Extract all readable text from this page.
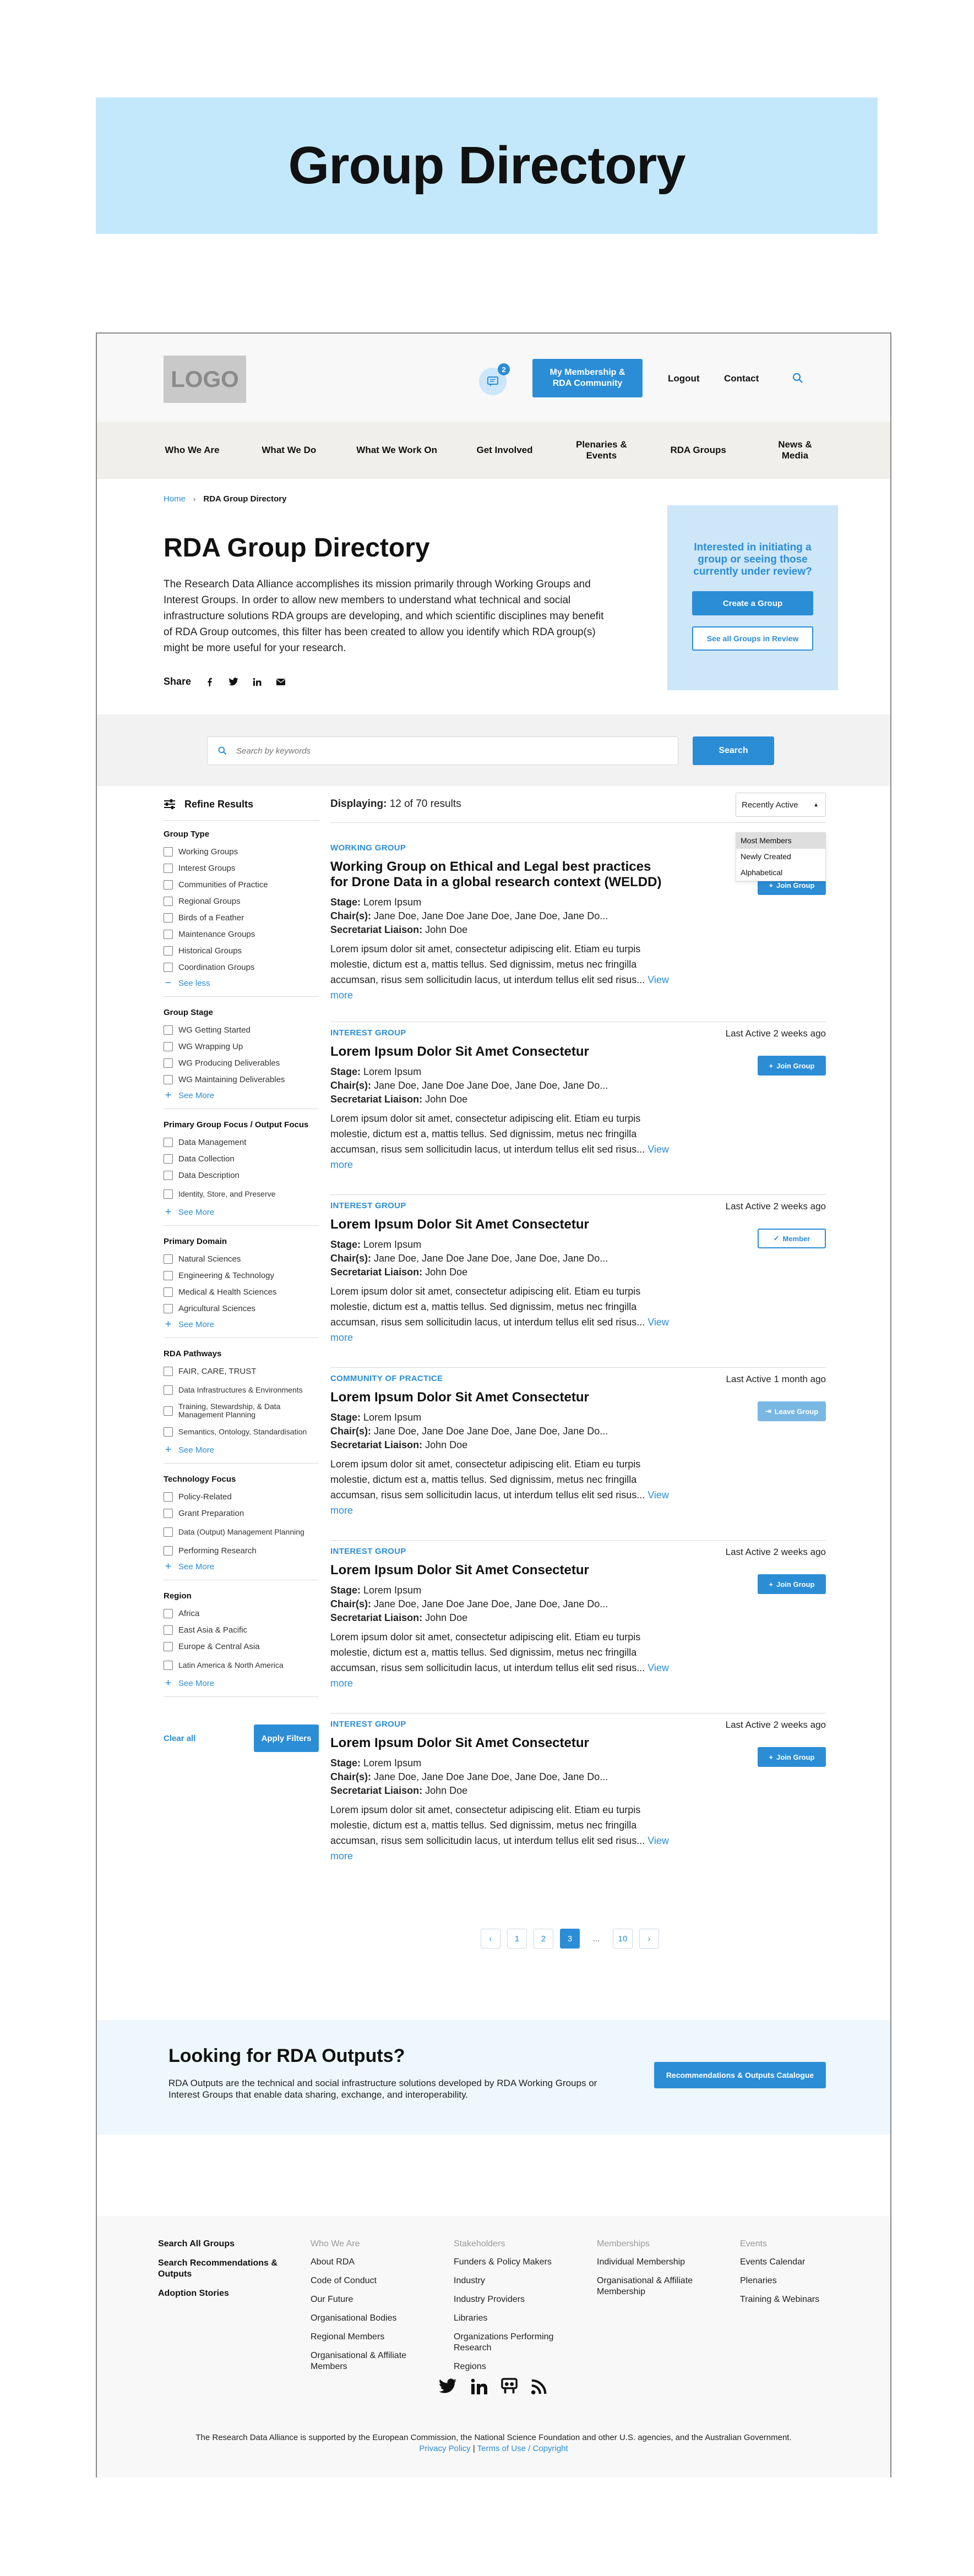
Group Directory
LOGO	2	My Membership & RDA Community	Logout	Contact
Who We Are	What We Do	What We Work On	Get Involved
Plenaries & Events
RDA Groups
News & Media
Home › RDA Group Directory
RDA Group Directory

The Research Data Alliance accomplishes its mission primarily through Working Groups and Interest Groups. In order to allow new members to understand what technical and social infrastructure solutions RDA groups are developing, and which scientific disciplines may benefit of RDA Group outcomes, this filter has been created to allow you identify which RDA group(s) might be more useful for your research.

Share

Interested in initiating a group or seeing those currently under review?

Create a Group See all Groups in Review
Search by keywords
Search
Refine Results
Group Type
Working Groups
Interest Groups
Communities of Practice
Regional Groups
Birds of a Feather
Maintenance Groups
Historical Groups
Coordination Groups
− See less
Group Stage
WG Getting Started
WG Wrapping Up
WG Producing Deliverables
WG Maintaining Deliverables
+ See More
Primary Group Focus / Output Focus
Data Management
Data Collection
Data Description
Identity, Store, and Preserve
+ See More
Primary Domain
Natural Sciences
Engineering & Technology
Medical & Health Sciences
Agricultural Sciences
+ See More
RDA Pathways
FAIR, CARE, TRUST
Data Infrastructures & Environments
Training, Stewardship, & Data Management Planning
Semantics, Ontology, Standardisation
+ See More
Technology Focus
Policy-Related
Grant Preparation
Data (Output) Management Planning
Performing Research
+ See More
Region
Africa
East Asia & Pacific
Europe & Central Asia
Latin America & North America
+ See More
Clear all	Apply Filters
Displaying:
12 of 70 results
WORKING GROUP
+ Join Group
Working Group on Ethical and Legal best practices for Drone Data in a global research context (WELDD)
Stage: Lorem Ipsum
Chair(s): Jane Doe, Jane Doe Jane Doe, Jane Doe, Jane Do...
Secretariat Liaison: John Doe

Lorem ipsum dolor sit amet, consectetur adipiscing elit. Etiam eu turpis molestie, dictum est a, mattis tellus. Sed dignissim, metus nec fringilla accumsan, risus sem sollicitudin lacus, ut interdum tellus elit sed risus... View more

INTEREST GROUP	Last Active 2 weeks ago
+ Join Group
Lorem Ipsum Dolor Sit Amet Consectetur
Stage: Lorem Ipsum
Chair(s): Jane Doe, Jane Doe Jane Doe, Jane Doe, Jane Do...
Secretariat Liaison: John Doe

Lorem ipsum dolor sit amet, consectetur adipiscing elit. Etiam eu turpis molestie, dictum est a, mattis tellus. Sed dignissim, metus nec fringilla accumsan, risus sem sollicitudin lacus, ut interdum tellus elit sed risus... View more

INTEREST GROUP	Last Active 2 weeks ago
✓ Member
Lorem Ipsum Dolor Sit Amet Consectetur
Stage: Lorem Ipsum
Chair(s): Jane Doe, Jane Doe Jane Doe, Jane Doe, Jane Do...
Secretariat Liaison: John Doe

Lorem ipsum dolor sit amet, consectetur adipiscing elit. Etiam eu turpis molestie, dictum est a, mattis tellus. Sed dignissim, metus nec fringilla accumsan, risus sem sollicitudin lacus, ut interdum tellus elit sed risus... View more

COMMUNITY OF PRACTICE	Last Active 1 month ago
⇥ Leave Group
Lorem Ipsum Dolor Sit Amet Consectetur
Stage: Lorem Ipsum
Chair(s): Jane Doe, Jane Doe Jane Doe, Jane Doe, Jane Do...
Secretariat Liaison: John Doe

Lorem ipsum dolor sit amet, consectetur adipiscing elit. Etiam eu turpis molestie, dictum est a, mattis tellus. Sed dignissim, metus nec fringilla accumsan, risus sem sollicitudin lacus, ut interdum tellus elit sed risus... View more

INTEREST GROUP	Last Active 2 weeks ago
+ Join Group
Lorem Ipsum Dolor Sit Amet Consectetur
Stage: Lorem Ipsum
Chair(s): Jane Doe, Jane Doe Jane Doe, Jane Doe, Jane Do...
Secretariat Liaison: John Doe

Lorem ipsum dolor sit amet, consectetur adipiscing elit. Etiam eu turpis molestie, dictum est a, mattis tellus. Sed dignissim, metus nec fringilla accumsan, risus sem sollicitudin lacus, ut interdum tellus elit sed risus... View more

INTEREST GROUP	Last Active 2 weeks ago
+ Join Group
Lorem Ipsum Dolor Sit Amet Consectetur
Stage: Lorem Ipsum
Chair(s): Jane Doe, Jane Doe Jane Doe, Jane Doe, Jane Do...
Secretariat Liaison: John Doe

Lorem ipsum dolor sit amet, consectetur adipiscing elit. Etiam eu turpis molestie, dictum est a, mattis tellus. Sed dignissim, metus nec fringilla accumsan, risus sem sollicitudin lacus, ut interdum tellus elit sed risus... View more

Recently Active	▲
Most Members
Newly Created
Alphabetical
‹	1	2	3	...	10	›
Looking for RDA Outputs?

RDA Outputs are the technical and social infrastructure solutions developed by RDA Working Groups or Interest Groups that enable data sharing, exchange, and interoperability.

Recommendations & Outputs Catalogue
Search All Groups
Search Recommendations & Outputs
Adoption Stories
Who We Are
About RDA
Code of Conduct
Our Future
Organisational Bodies
Regional Members
Organisational & Affiliate Members
Stakeholders
Funders & Policy Makers
Industry
Industry Providers
Libraries
Organizations Performing Research
Regions
Memberships
Individual Membership
Organisational & Affiliate Membership
Events
Events Calendar
Plenaries
Training & Webinars

The Research Data Alliance is supported by the European Commission, the National Science Foundation and other U.S. agencies, and the Australian Government.

Privacy Policy | Terms of Use / Copyright
